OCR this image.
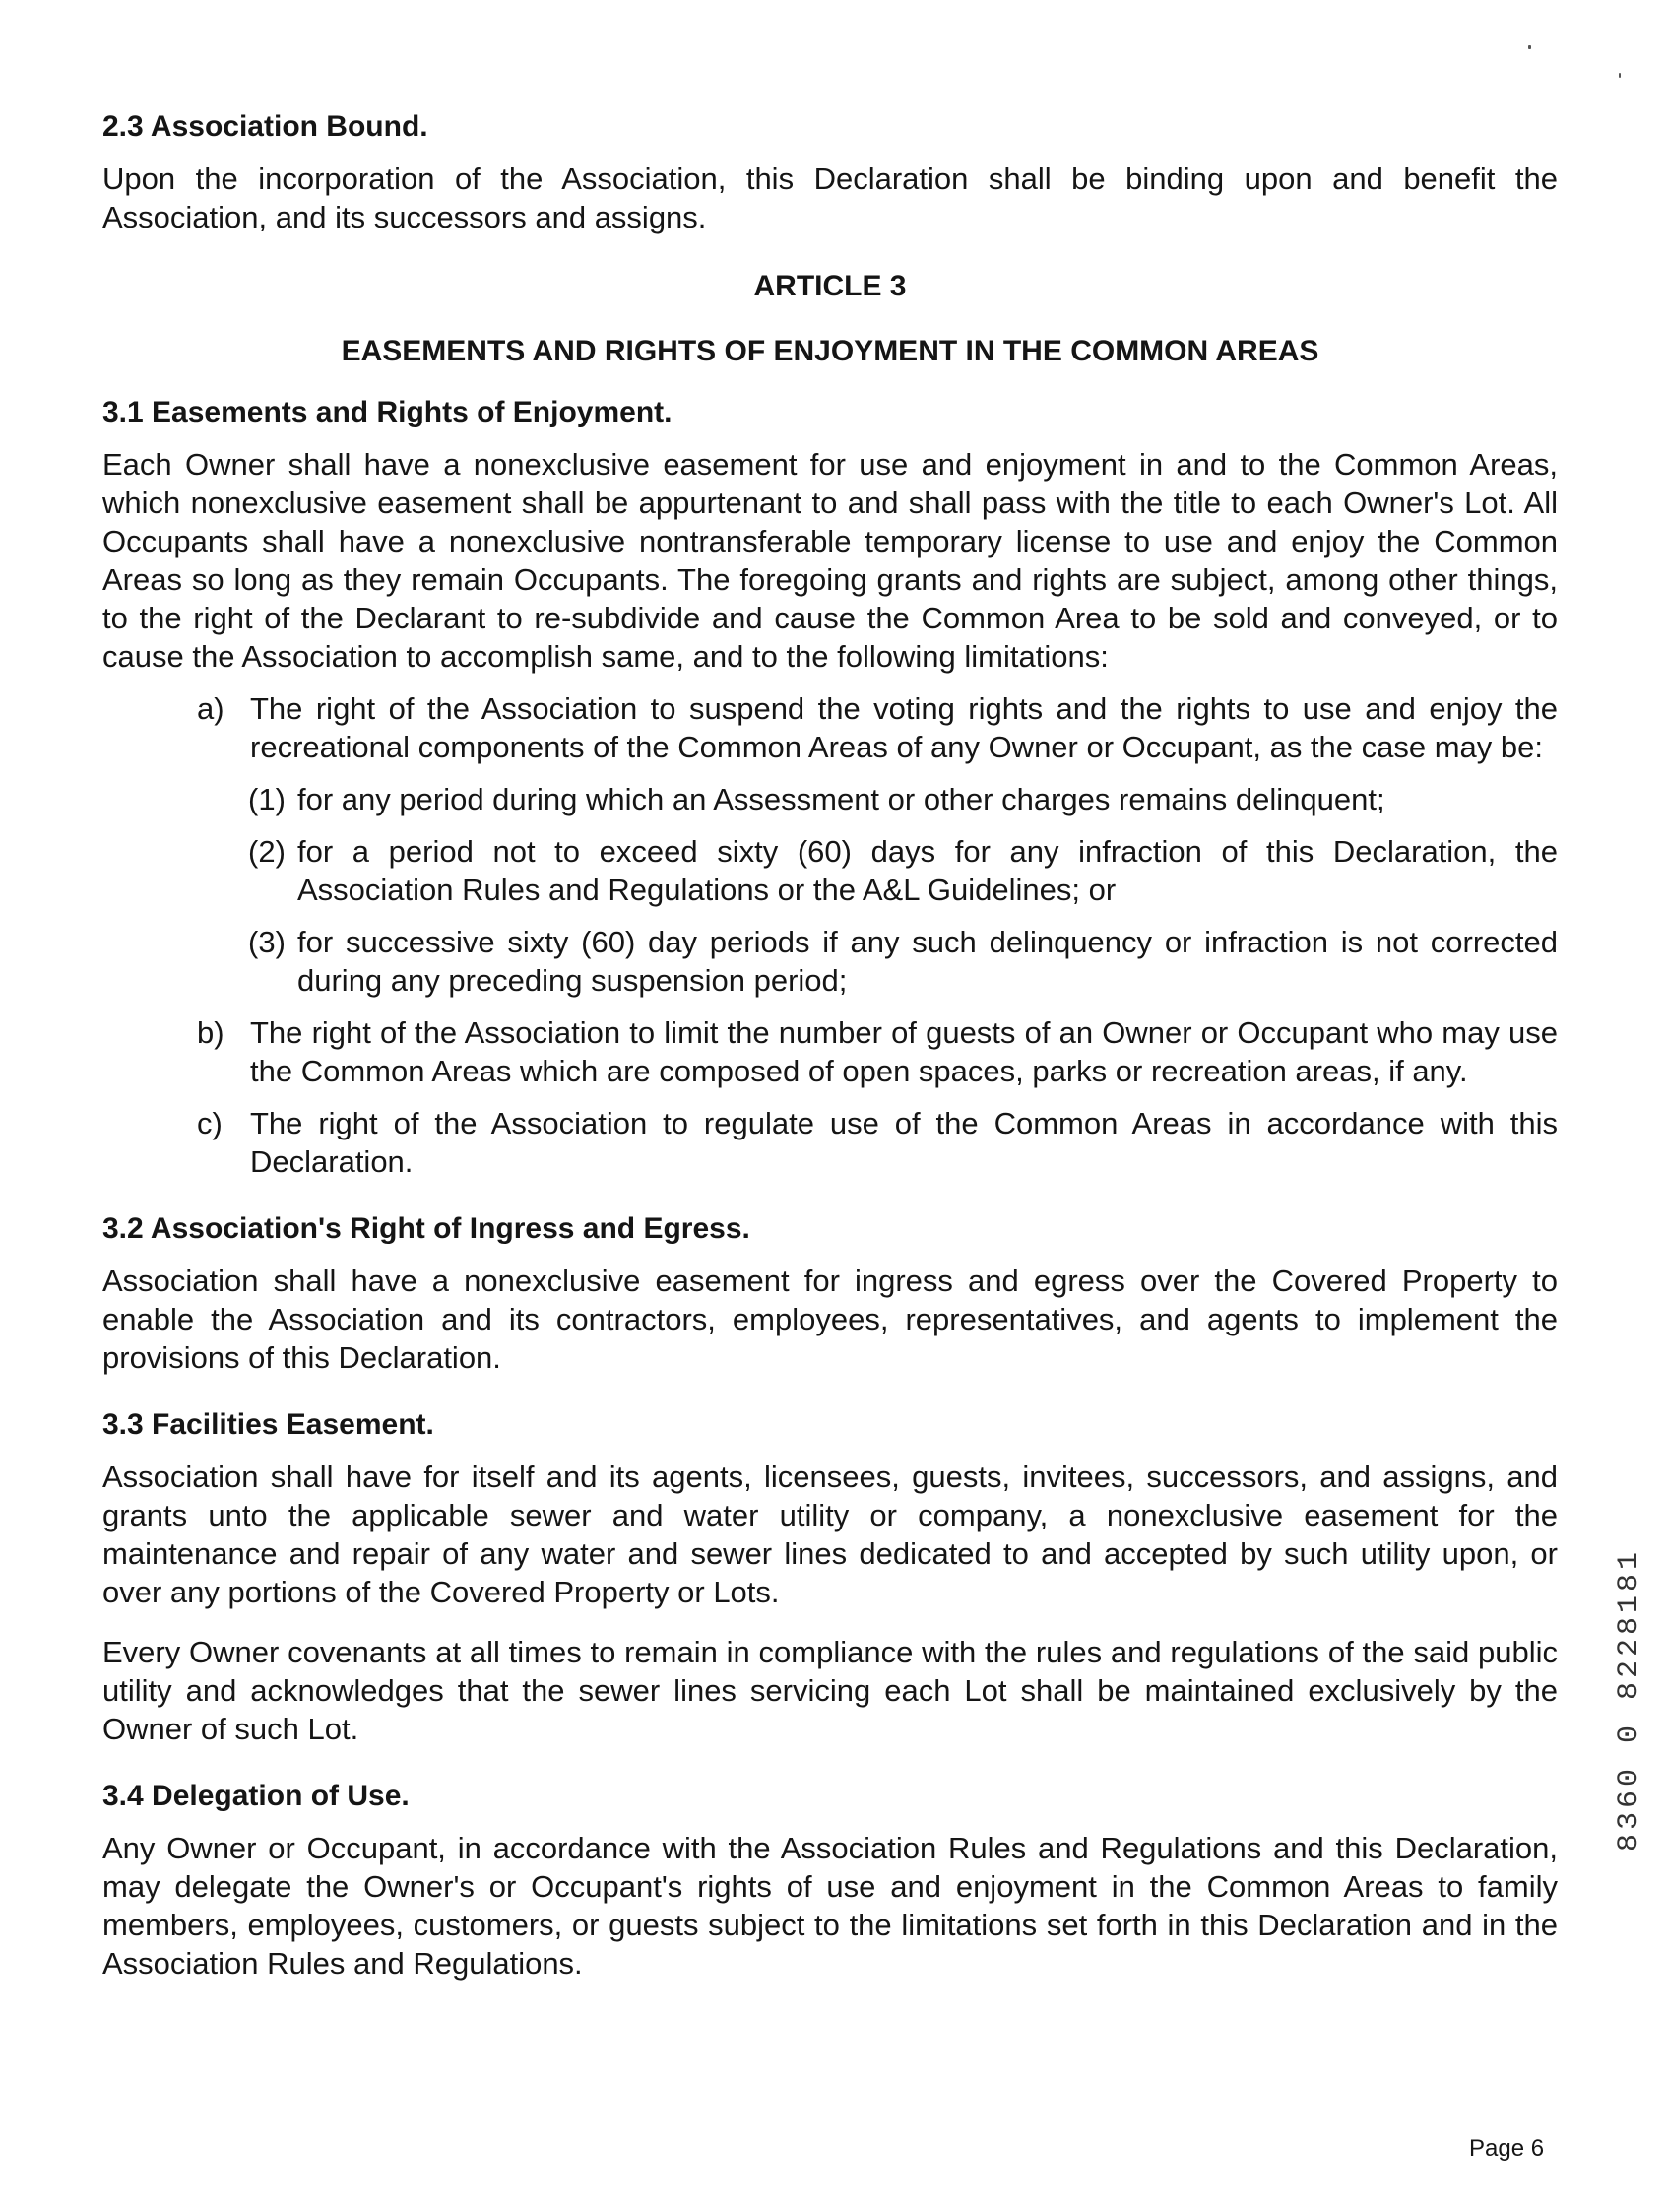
2.3 Association Bound.

Upon the incorporation of the Association, this Declaration shall be binding upon and benefit the Association, and its successors and assigns.

ARTICLE 3
EASEMENTS AND RIGHTS OF ENJOYMENT IN THE COMMON AREAS
3.1 Easements and Rights of Enjoyment.

Each Owner shall have a nonexclusive easement for use and enjoyment in and to the Common Areas, which nonexclusive easement shall be appurtenant to and shall pass with the title to each Owner's Lot. All Occupants shall have a nonexclusive nontransferable temporary license to use and enjoy the Common Areas so long as they remain Occupants. The foregoing grants and rights are subject, among other things, to the right of the Declarant to re-subdivide and cause the Common Area to be sold and conveyed, or to cause the Association to accomplish same, and to the following limitations:

a) The right of the Association to suspend the voting rights and the rights to use and enjoy the recreational components of the Common Areas of any Owner or Occupant, as the case may be:
(1) for any period during which an Assessment or other charges remains delinquent;
(2) for a period not to exceed sixty (60) days for any infraction of this Declaration, the Association Rules and Regulations or the A&L Guidelines; or
(3) for successive sixty (60) day periods if any such delinquency or infraction is not corrected during any preceding suspension period;
b) The right of the Association to limit the number of guests of an Owner or Occupant who may use the Common Areas which are composed of open spaces, parks or recreation areas, if any.
c) The right of the Association to regulate use of the Common Areas in accordance with this Declaration.
3.2 Association's Right of Ingress and Egress.

Association shall have a nonexclusive easement for ingress and egress over the Covered Property to enable the Association and its contractors, employees, representatives, and agents to implement the provisions of this Declaration.

3.3 Facilities Easement.

Association shall have for itself and its agents, licensees, guests, invitees, successors, and assigns, and grants unto the applicable sewer and water utility or company, a nonexclusive easement for the maintenance and repair of any water and sewer lines dedicated to and accepted by such utility upon, or over any portions of the Covered Property or Lots.

Every Owner covenants at all times to remain in compliance with the rules and regulations of the said public utility and acknowledges that the sewer lines servicing each Lot shall be maintained exclusively by the Owner of such Lot.

3.4 Delegation of Use.

Any Owner or Occupant, in accordance with the Association Rules and Regulations and this Declaration, may delegate the Owner's or Occupant's rights of use and enjoyment in the Common Areas to family members, employees, customers, or guests subject to the limitations set forth in this Declaration and in the Association Rules and Regulations.

8360 0 8228181
Page 6
